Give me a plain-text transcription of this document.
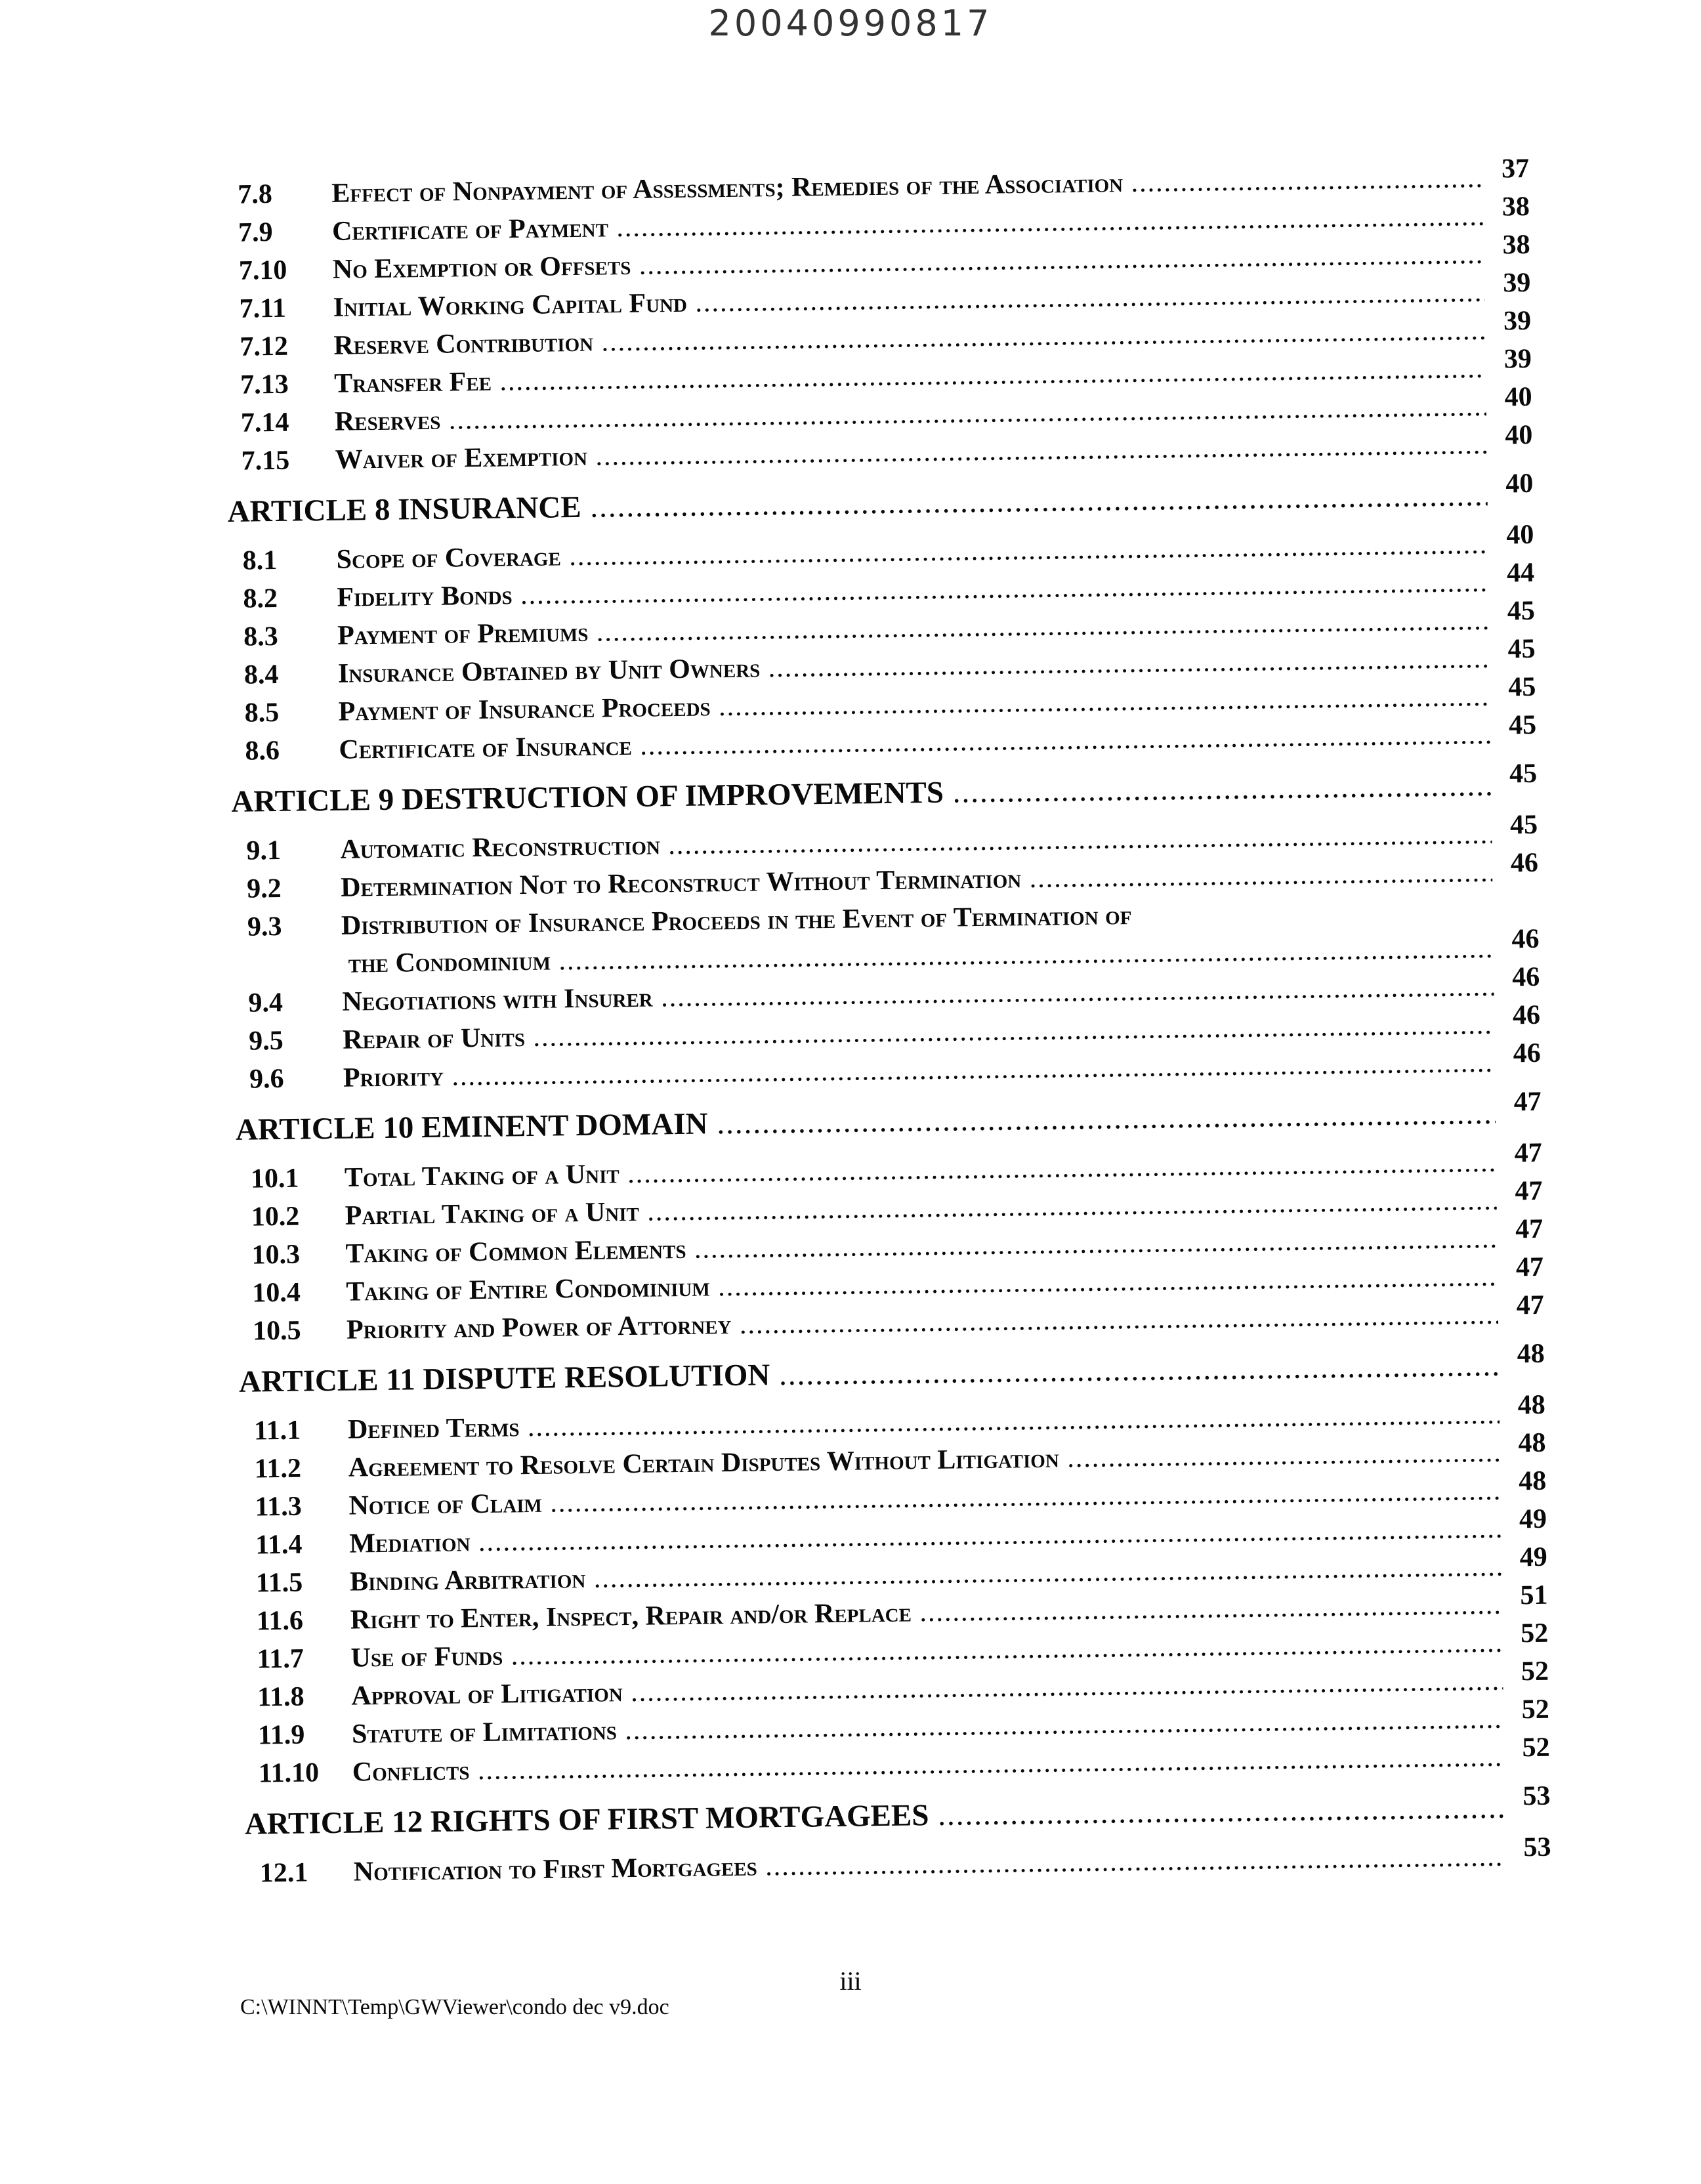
20040990817
7.8 Effect of Nonpayment of Assessments; Remedies of the Association .....	37
7.9 Certificate of Payment .....
38
7.10 No Exemption or Offsets .....
38
7.11 Initial Working Capital Fund .....
39
7.12 Reserve Contribution .....
39
7.13 Transfer Fee .....
39
7.14 Reserves .....
40
7.15 Waiver of Exemption .....
40
ARTICLE 8 INSURANCE .....
40
8.1 Scope of Coverage .....
40
8.2 Fidelity Bonds .....
44
8.3 Payment of Premiums .....
45
8.4 Insurance Obtained by Unit Owners .....
45
8.5 Payment of Insurance Proceeds .....
45
8.6 Certificate of Insurance .....
45
ARTICLE 9 DESTRUCTION OF IMPROVEMENTS .....
45
9.1 Automatic Reconstruction .....
45
9.2 Determination Not to Reconstruct Without Termination .....
46
9.3 Distribution of Insurance Proceeds in the Event of Termination of
the Condominium .....
46
9.4 Negotiations with Insurer .....
46
9.5 Repair of Units .....
46
9.6 Priority .....
46
ARTICLE 10 EMINENT DOMAIN .....
47
10.1 Total Taking of a Unit .....
47
10.2 Partial Taking of a Unit .....
47
10.3 Taking of Common Elements .....
47
10.4 Taking of Entire Condominium .....
47
10.5 Priority and Power of Attorney .....
47
ARTICLE 11 DISPUTE RESOLUTION .....
48
11.1 Defined Terms .....
48
11.2 Agreement to Resolve Certain Disputes Without Litigation .....
48
11.3 Notice of Claim .....
48
11.4 Mediation .....
49
11.5 Binding Arbitration .....
49
11.6 Right to Enter, Inspect, Repair and/or Replace .....
51
11.7 Use of Funds .....
52
11.8 Approval of Litigation .....
52
11.9 Statute of Limitations .....
52
11.10 Conflicts .....
52
ARTICLE 12 RIGHTS OF FIRST MORTGAGEES .....
53
12.1 Notification to First Mortgagees .....
53
iii
C:\WINNT\Temp\GWViewer\condo dec v9.doc
